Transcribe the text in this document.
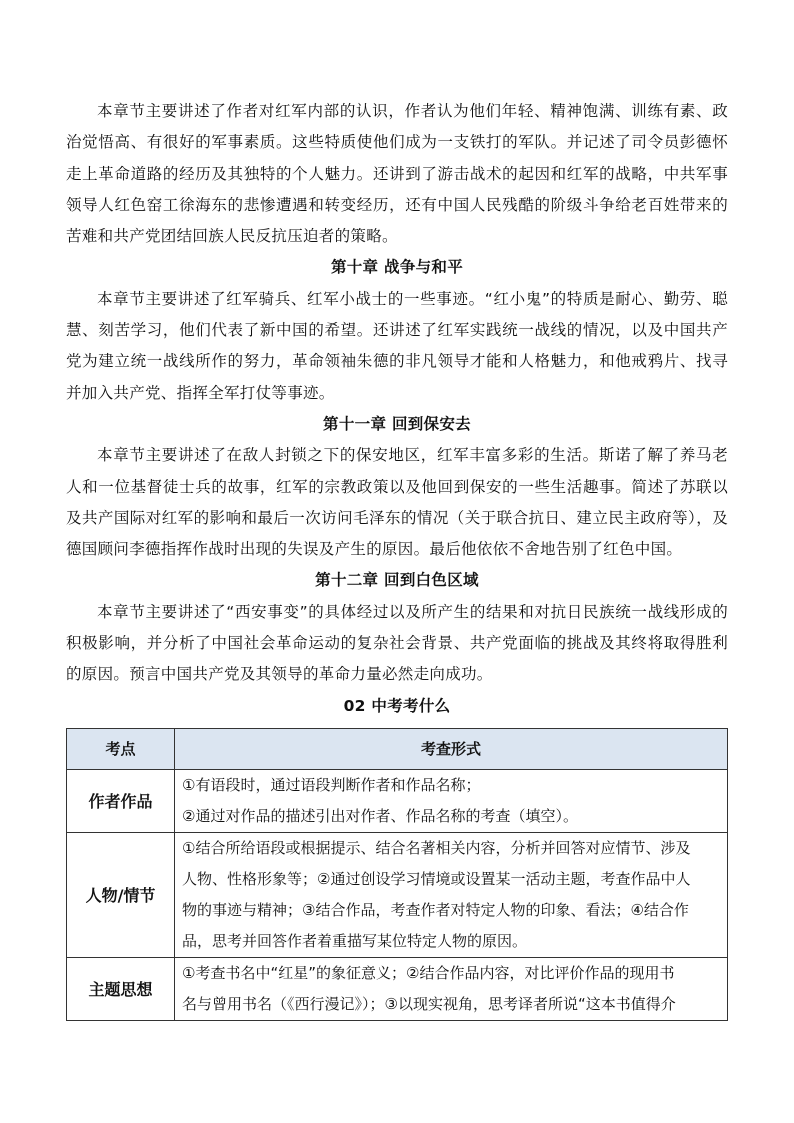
本章节主要讲述了作者对红军内部的认识，作者认为他们年轻、精神饱满、训练有素、政治觉悟高、有很好的军事素质。这些特质使他们成为一支铁打的军队。并记述了司令员彭德怀走上革命道路的经历及其独特的个人魅力。还讲到了游击战术的起因和红军的战略，中共军事领导人红色窑工徐海东的悲惨遭遇和转变经历，还有中国人民残酷的阶级斗争给老百姓带来的苦难和共产党团结回族人民反抗压迫者的策略。

第十章 战争与和平

本章节主要讲述了红军骑兵、红军小战士的一些事迹。“红小鬼”的特质是耐心、勤劳、聪慧、刻苦学习，他们代表了新中国的希望。还讲述了红军实践统一战线的情况，以及中国共产党为建立统一战线所作的努力，革命领袖朱德的非凡领导才能和人格魅力，和他戒鸦片、找寻并加入共产党、指挥全军打仗等事迹。

第十一章 回到保安去

本章节主要讲述了在敌人封锁之下的保安地区，红军丰富多彩的生活。斯诺了解了养马老人和一位基督徒士兵的故事，红军的宗教政策以及他回到保安的一些生活趣事。简述了苏联以及共产国际对红军的影响和最后一次访问毛泽东的情况（关于联合抗日、建立民主政府等），及德国顾问李德指挥作战时出现的失误及产生的原因。最后他依依不舍地告别了红色中国。

第十二章 回到白色区域

本章节主要讲述了“西安事变”的具体经过以及所产生的结果和对抗日民族统一战线形成的积极影响，并分析了中国社会革命运动的复杂社会背景、共产党面临的挑战及其终将取得胜利的原因。预言中国共产党及其领导的革命力量必然走向成功。

02 中考考什么
考点	考查形式
作者作品	①有语段时，通过语段判断作者和作品名称；
②通过对作品的描述引出对作者、作品名称的考查（填空）。

人物/情节	①结合所给语段或根据提示、结合名著相关内容，分析并回答对应情节、涉及
人物、性格形象等；②通过创设学习情境或设置某一活动主题，考查作品中人
物的事迹与精神；③结合作品，考查作者对特定人物的印象、看法；④结合作
品，思考并回答作者着重描写某位特定人物的原因。

主题思想	①考查书名中“红星”的象征意义；②结合作品内容，对比评价作品的现用书
名与曾用书名（《西行漫记》）；③以现实视角，思考译者所说“这本书值得介
